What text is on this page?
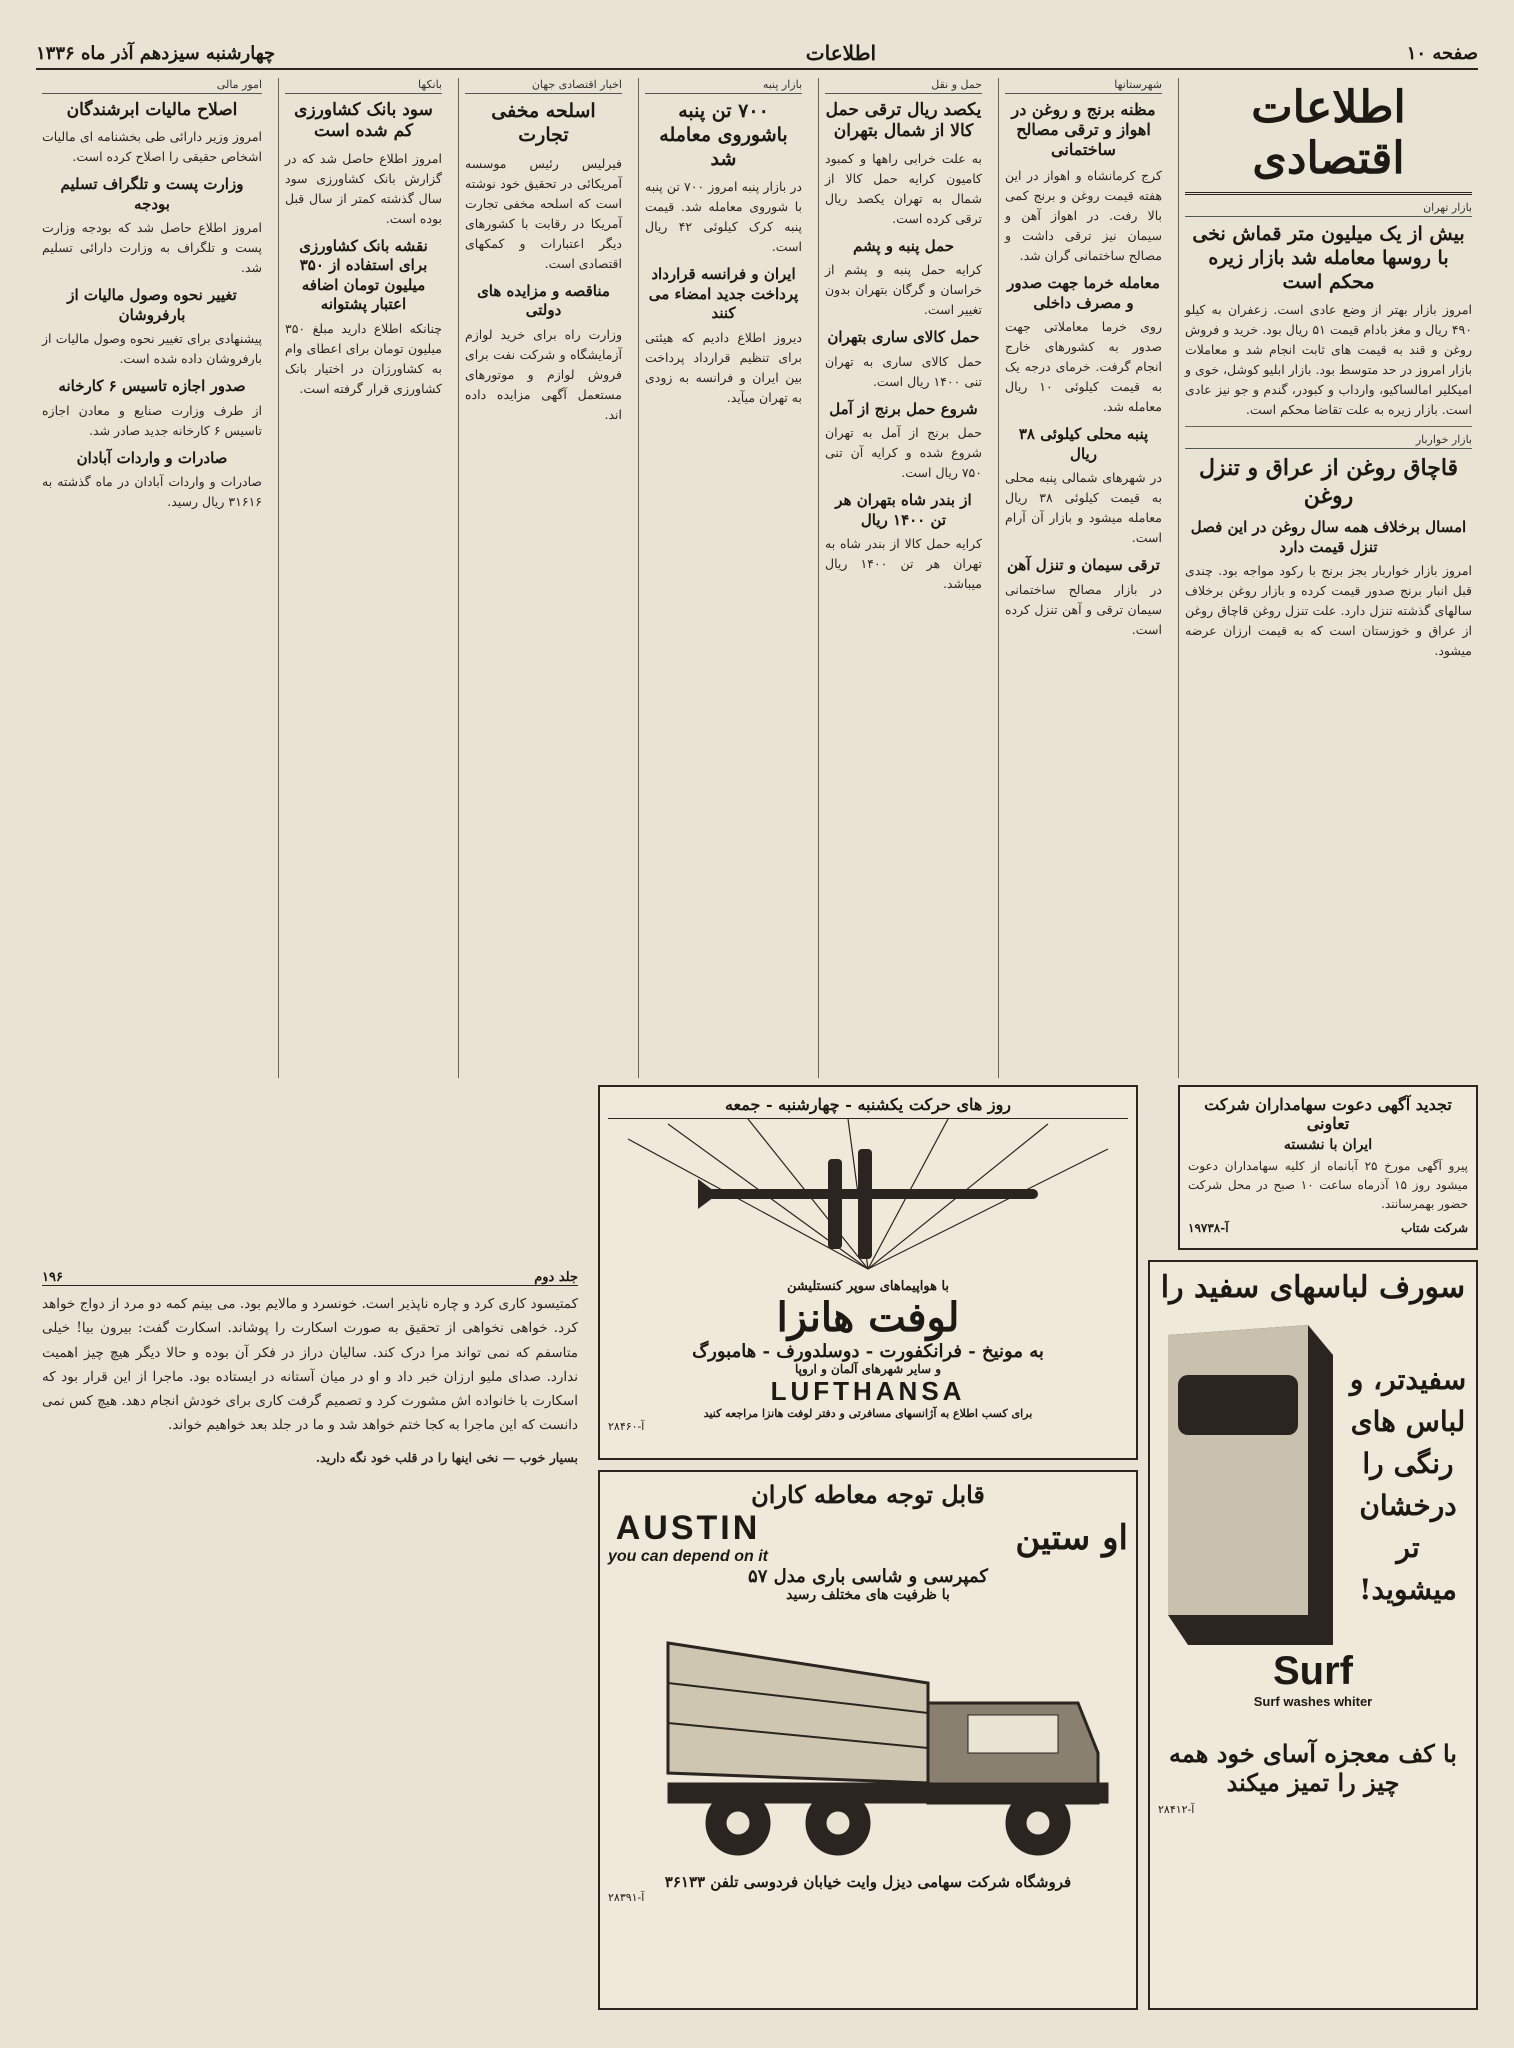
صفحه ۱۰
اطلاعات
چهارشنبه سیزدهم آذر ماه ۱۳۳۶
اطلاعات اقتصادی
بازار تهران
بیش از یک میلیون متر قماش نخی با روسها معامله شد بازار زیره محکم است
امروز بازار بهتر از وضع عادی است. زعفران به کیلو ۴۹۰ ریال و مغز بادام قیمت ۵۱ ریال بود. خرید و فروش روغن و قند به قیمت های ثابت انجام شد و معاملات بازار امروز در حد متوسط بود. بازار ابلیو کوشل، خوی و امیکلیر امالساکیو، وارداب و کبودر، گندم و جو نیز عادی است. بازار زیره به علت تقاضا محکم است.
بازار خواربار
قاچاق روغن از عراق و تنزل روغن
امسال برخلاف همه سال روغن در این فصل تنزل قیمت دارد
امروز بازار خواربار بجز برنج با رکود مواجه بود. چندی قبل انبار برنج صدور قیمت کرده و بازار روغن برخلاف سالهای گذشته تنزل دارد. علت تنزل روغن قاچاق روغن از عراق و خوزستان است که به قیمت ارزان عرضه میشود.
تجدید آگهی دعوت سهامداران شرکت تعاونی
ایران با نشسته
پیرو آگهی مورخ ۲۵ آبانماه از کلیه سهامداران دعوت میشود روز ۱۵ آذرماه ساعت ۱۰ صبح در محل شرکت حضور بهمرسانند.
شرکت شتاب
آ-۱۹۷۳۸
شهرستانها
مظنه برنج و روغن در اهواز و ترقی مصالح ساختمانی
کرج کرمانشاه و اهواز در این هفته قیمت روغن و برنج کمی بالا رفت. در اهواز آهن و سیمان نیز ترقی داشت و مصالح ساختمانی گران شد.
معامله خرما جهت صدور و مصرف داخلی
روی خرما معاملاتی جهت صدور به کشورهای خارج انجام گرفت. خرمای درجه یک به قیمت کیلوئی ۱۰ ریال معامله شد.
پنبه محلی کیلوئی ۳۸ ریال
در شهرهای شمالی پنبه محلی به قیمت کیلوئی ۳۸ ریال معامله میشود و بازار آن آرام است.
ترقی سیمان و تنزل آهن
در بازار مصالح ساختمانی سیمان ترقی و آهن تنزل کرده است.
حمل و نقل
یکصد ریال ترقی حمل کالا از شمال بتهران
به علت خرابی راهها و کمبود کامیون کرایه حمل کالا از شمال به تهران یکصد ریال ترقی کرده است.
حمل پنبه و پشم
کرایه حمل پنبه و پشم از خراسان و گرگان بتهران بدون تغییر است.
حمل کالای ساری بتهران
حمل کالای ساری به تهران تنی ۱۴۰۰ ریال است.
شروع حمل برنج از آمل
حمل برنج از آمل به تهران شروع شده و کرایه آن تنی ۷۵۰ ریال است.
از بندر شاه بتهران هر تن ۱۴۰۰ ریال
کرایه حمل کالا از بندر شاه به تهران هر تن ۱۴۰۰ ریال میباشد.
بازار پنبه
۷۰۰ تن پنبه باشوروی معامله شد
در بازار پنبه امروز ۷۰۰ تن پنبه با شوروی معامله شد. قیمت پنبه کرک کیلوئی ۴۲ ریال است.
ایران و فرانسه قرارداد پرداخت جدید امضاء می کنند
دیروز اطلاع دادیم که هیئتی برای تنظیم قرارداد پرداخت بین ایران و فرانسه به زودی به تهران میآید.
اخبار اقتصادی جهان
اسلحه مخفی تجارت
فیرلیس رئیس موسسه آمریکائی در تحقیق خود نوشته است که اسلحه مخفی تجارت آمریکا در رقابت با کشورهای دیگر اعتبارات و کمکهای اقتصادی است.
مناقصه و مزایده های دولتی
وزارت راه برای خرید لوازم آزمایشگاه و شرکت نفت برای فروش لوازم و موتورهای مستعمل آگهی مزایده داده اند.
بانکها
سود بانک کشاورزی کم شده است
امروز اطلاع حاصل شد که در گزارش بانک کشاورزی سود سال گذشته کمتر از سال قبل بوده است.
نقشه بانک کشاورزی برای استفاده از ۳۵۰ میلیون تومان اضافه اعتبار پشتوانه
چنانکه اطلاع دارید مبلغ ۳۵۰ میلیون تومان برای اعطای وام به کشاورزان در اختیار بانک کشاورزی قرار گرفته است.
امور مالی
اصلاح مالیات ابرشندگان
امروز وزیر دارائی طی بخشنامه ای مالیات اشخاص حقیقی را اصلاح کرده است.
وزارت پست و تلگراف تسلیم بودجه
امروز اطلاع حاصل شد که بودجه وزارت پست و تلگراف به وزارت دارائی تسلیم شد.
تغییر نحوه وصول مالیات از بارفروشان
پیشنهادی برای تغییر نحوه وصول مالیات از بارفروشان داده شده است.
صدور اجازه تاسیس ۶ کارخانه
از طرف وزارت صنایع و معادن اجازه تاسیس ۶ کارخانه جدید صادر شد.
صادرات و واردات آبادان
صادرات و واردات آبادان در ماه گذشته به ۳۱۶۱۶ ریال رسید.
روز های حرکت یکشنبه - چهارشنبه - جمعه
با هواپیماهای سوپر کنستلیشن
لوفت هانزا
به مونیخ - فرانکفورت - دوسلدورف - هامبورگ
و سایر شهرهای آلمان و اروپا
LUFTHANSA
برای کسب اطلاع به آژانسهای مسافرتی و دفتر لوفت هانزا مراجعه کنید
آ-۲۸۴۶۰
جلد دوم
۱۹۶
کمتیسود کاری کرد و چاره ناپذیر است. خونسرد و مالایم بود. می بینم کمه دو مرد از دواج خواهد کرد. خواهی نخواهی از تحقیق به صورت اسکارت را پوشاند. اسکارت گفت: بیرون بیا! خیلی متاسفم که نمی تواند مرا درک کند. سالیان دراز در فکر آن بوده و حالا دیگر هیچ چیز اهمیت ندارد. صدای ملیو ارزان خبر داد و او در میان آستانه در ایستاده بود. ماجرا از این قرار بود که اسکارت با خانواده اش مشورت کرد و تصمیم گرفت کاری برای خودش انجام دهد. هیچ کس نمی دانست که این ماجرا به کجا ختم خواهد شد و ما در جلد بعد خواهیم خواند.
بسیار خوب — نخی اینها را در قلب خود نگه دارید.
قابل توجه معاطه کاران
او ستین
AUSTIN
you can depend on it
کمپرسی و شاسی باری مدل ۵۷
با ظرفیت های مختلف رسید
فروشگاه شرکت سهامی دیزل وایت خیابان فردوسی تلفن ۳۶۱۳۳
آ-۲۸۳۹۱
سورف لباسهای سفید را
سفیدتر، و لباس های رنگی را درخشان تر میشوید!
Surf
Surf washes whiter
با کف معجزه آسای خود همه چیز را تمیز میکند
آ-۲۸۴۱۲
